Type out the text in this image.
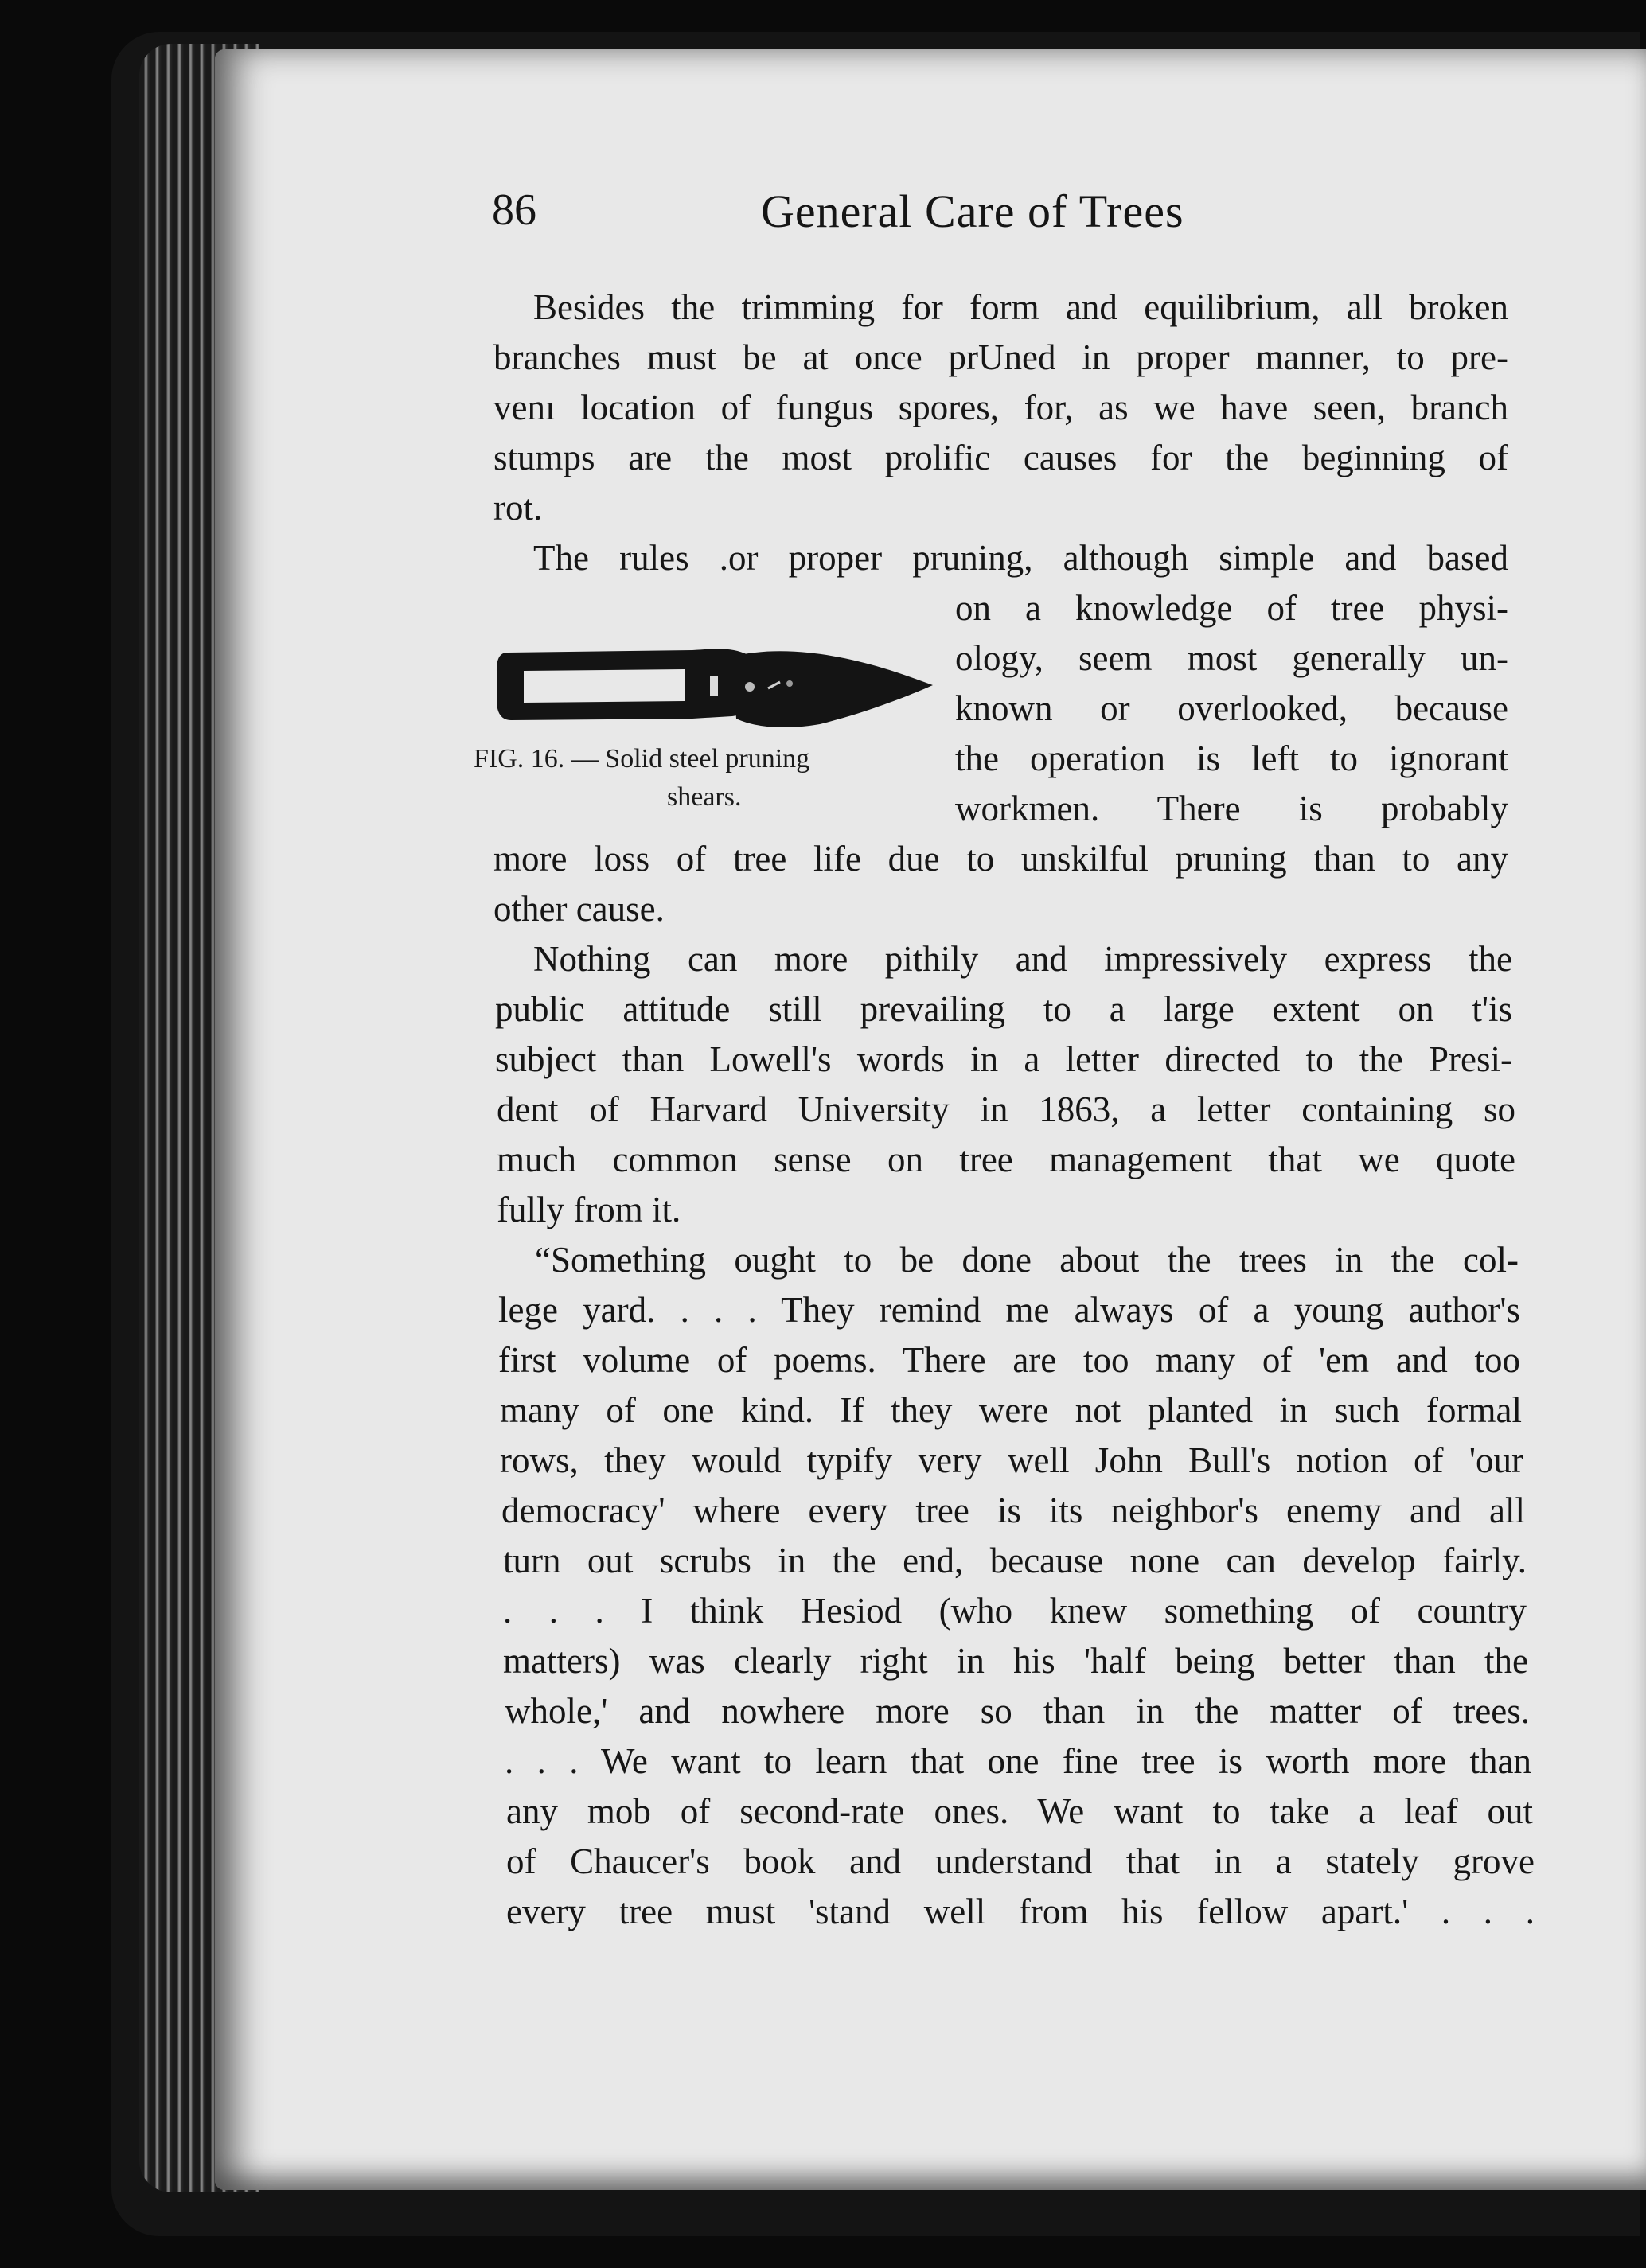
86	General Care of Trees
Besides the trimming for form and equilibrium, all broken
branches must be at once prUned in proper manner, to pre-
venı location of fungus spores, for, as we have seen, branch
stumps are the most prolific causes for the beginning of
rot.
The rules .or proper pruning, although simple and based
on a knowledge of tree physi-
ology, seem most generally un-
known or overlooked, because
the operation is left to ignorant
workmen. There is probably
more loss of tree life due to unskilful pruning than to any
other cause.
Nothing can more pithily and impressively express the
public attitude still prevailing to a large extent on t'is
subject than Lowell's words in a letter directed to the Presi-
dent of Harvard University in 1863, a letter containing so
much common sense on tree management that we quote
fully from it.
“Something ought to be done about the trees in the col-
lege yard. . . . They remind me always of a young author's
first volume of poems. There are too many of 'em and too
many of one kind. If they were not planted in such formal
rows, they would typify very well John Bull's notion of 'our
democracy' where every tree is its neighbor's enemy and all
turn out scrubs in the end, because none can develop fairly.
. . . I think Hesiod (who knew something of country
matters) was clearly right in his 'half being better than the
whole,' and nowhere more so than in the matter of trees.
. . . We want to learn that one fine tree is worth more than
any mob of second-rate ones. We want to take a leaf out
of Chaucer's book and understand that in a stately grove
every tree must 'stand well from his fellow apart.' . . .
FIG. 16. — Solid steel pruning
shears.
